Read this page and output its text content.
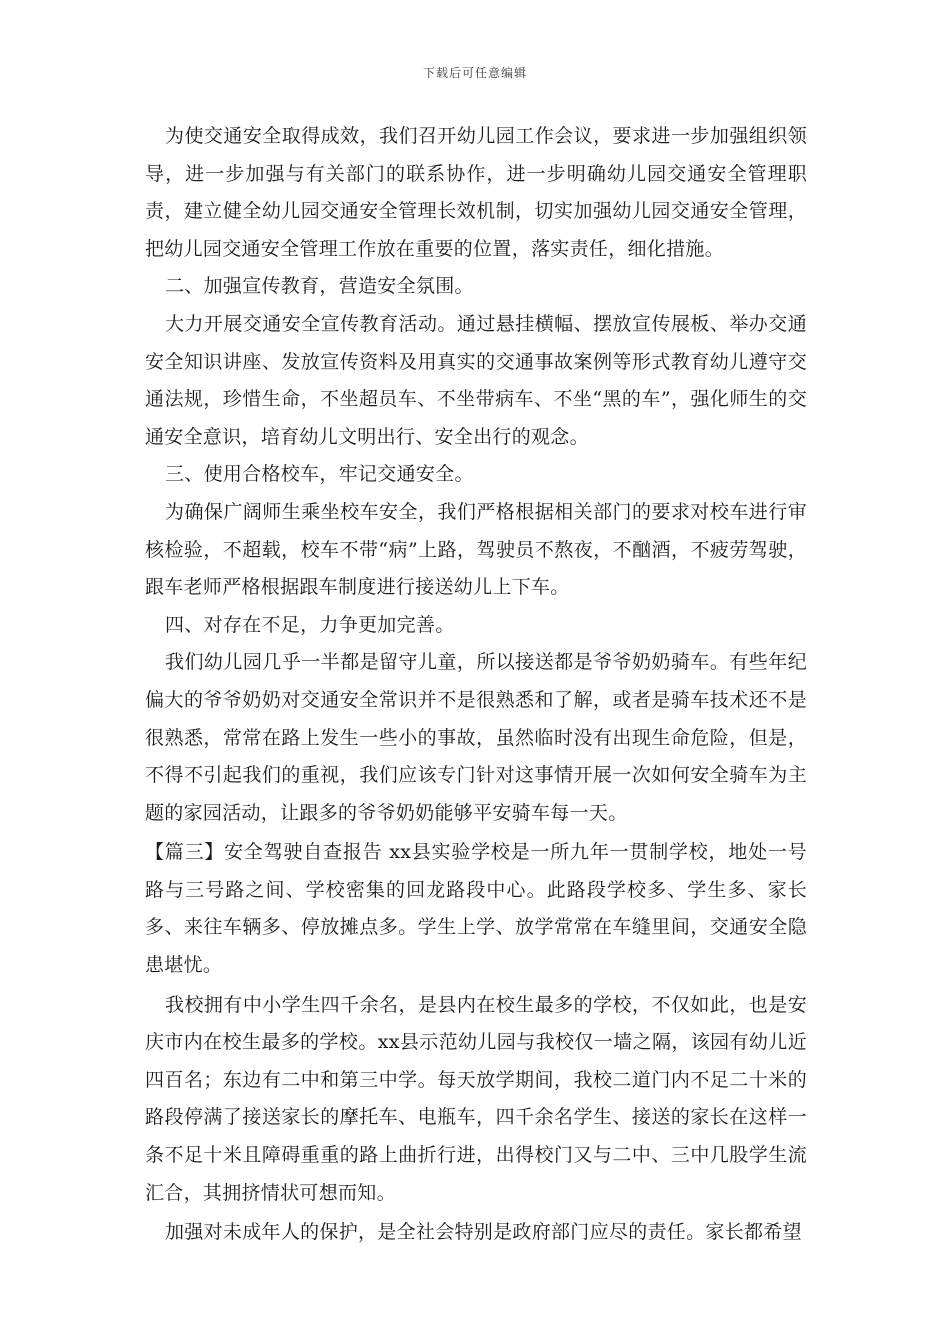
下载后可任意编辑

为使交通安全取得成效，我们召开幼儿园工作会议，要求进一步加强组织领导，进一步加强与有关部门的联系协作，进一步明确幼儿园交通安全管理职责，建立健全幼儿园交通安全管理长效机制，切实加强幼儿园交通安全管理，把幼儿园交通安全管理工作放在重要的位置，落实责任，细化措施。

二、加强宣传教育，营造安全氛围。

大力开展交通安全宣传教育活动。通过悬挂横幅、摆放宣传展板、举办交通安全知识讲座、发放宣传资料及用真实的交通事故案例等形式教育幼儿遵守交通法规，珍惜生命，不坐超员车、不坐带病车、不坐“黑的车”，强化师生的交通安全意识，培育幼儿文明出行、安全出行的观念。

三、使用合格校车，牢记交通安全。

为确保广阔师生乘坐校车安全，我们严格根据相关部门的要求对校车进行审核检验，不超载，校车不带“病”上路，驾驶员不熬夜，不酗酒，不疲劳驾驶，跟车老师严格根据跟车制度进行接送幼儿上下车。

四、对存在不足，力争更加完善。

我们幼儿园几乎一半都是留守儿童，所以接送都是爷爷奶奶骑车。有些年纪偏大的爷爷奶奶对交通安全常识并不是很熟悉和了解，或者是骑车技术还不是很熟悉，常常在路上发生一些小的事故，虽然临时没有出现生命危险，但是，不得不引起我们的重视，我们应该专门针对这事情开展一次如何安全骑车为主题的家园活动，让跟多的爷爷奶奶能够平安骑车每一天。

【篇三】安全驾驶自查报告 xx县实验学校是一所九年一贯制学校，地处一号路与三号路之间、学校密集的回龙路段中心。此路段学校多、学生多、家长多、来往车辆多、停放摊点多。学生上学、放学常常在车缝里间，交通安全隐患堪忧。

我校拥有中小学生四千余名，是县内在校生最多的学校，不仅如此，也是安庆市内在校生最多的学校。xx县示范幼儿园与我校仅一墙之隔，该园有幼儿近四百名；东边有二中和第三中学。每天放学期间，我校二道门内不足二十米的路段停满了接送家长的摩托车、电瓶车，四千余名学生、接送的家长在这样一条不足十米且障碍重重的路上曲折行进，出得校门又与二中、三中几股学生流汇合，其拥挤情状可想而知。

加强对未成年人的保护，是全社会特别是政府部门应尽的责任。家长都希望
